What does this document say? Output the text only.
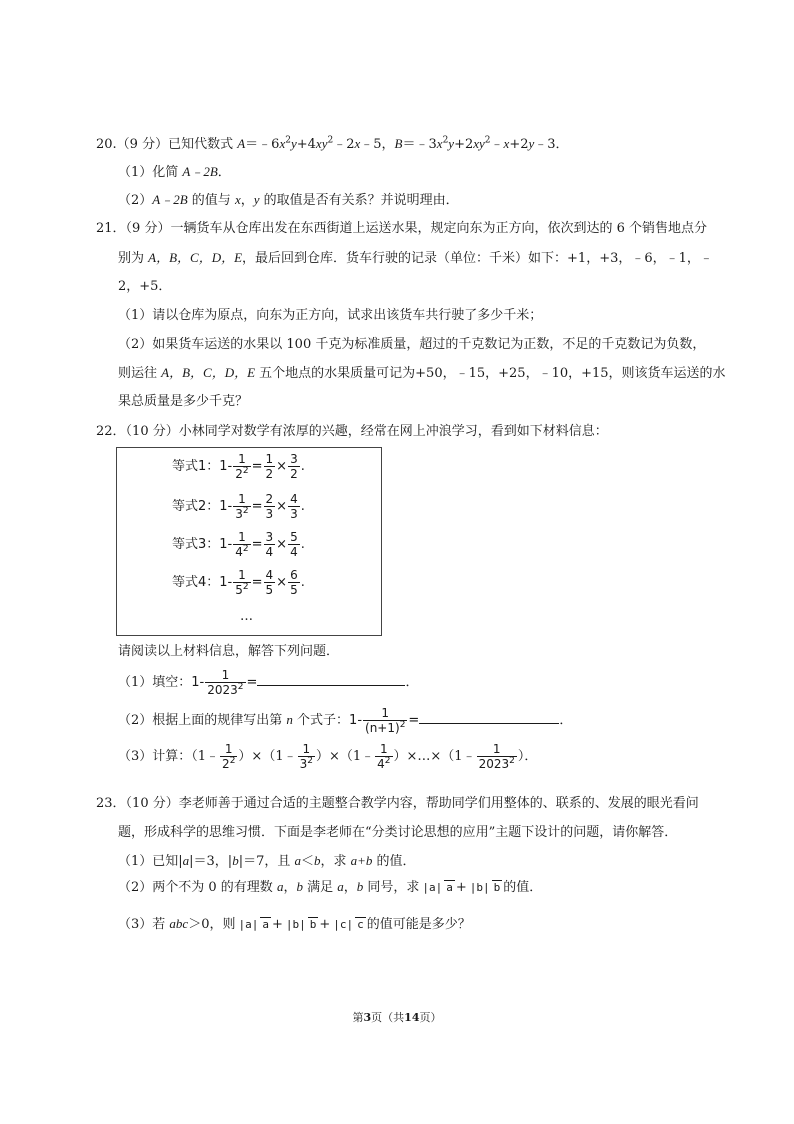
20.（9 分）已知代数式 $A=﹣6x^2y+4xy^2﹣2x﹣5$，$B=﹣3x^2y+2xy^2﹣x+2y﹣3$．
（1）化简 A﹣2B．
（2）A﹣2B 的值与 x，y 的取值是否有关系？并说明理由．
21．（9 分）一辆货车从仓库出发在东西街道上运送水果，规定向东为正方向，依次到达的 6 个销售地点分
别为 A，B，C，D，E，最后回到仓库．货车行驶的记录（单位：千米）如下：+1，+3，﹣6，﹣1，﹣
2，+5．
（1）请以仓库为原点，向东为正方向，试求出该货车共行驶了多少千米；
（2）如果货车运送的水果以 100 千克为标准质量，超过的千克数记为正数，不足的千克数记为负数，
则运往 A，B，C，D，E 五个地点的水果质量可记为+50，﹣15，+25，﹣10，+15，则该货车运送的水
果总质量是多少千克？
22．（10 分）小林同学对数学有浓厚的兴趣，经常在网上冲浪学习，看到如下材料信息：
等式1：$1- \frac{1}{2^2} = \frac{1}{2} \times \frac{3}{2}$ .
等式2：$1- \frac{1}{3^2} = \frac{2}{3} \times \frac{4}{3}$ .
等式3：$1- \frac{1}{4^2} = \frac{3}{4} \times \frac{5}{4}$ .
等式4：$1- \frac{1}{5^2} = \frac{4}{5} \times \frac{6}{5}$ .
…
请阅读以上材料信息，解答下列问题．
（1）填空：$1- \frac{1}{2023^2}$ =	．
（2）根据上面的规律写出第 n 个式子：$1- \frac{1}{(n+1)^2}$ =	．
（3）计算：（1﹣ $\frac{1}{2^2}$ ）×（1﹣ $\frac{1}{3^2}$ ）×（1﹣ $\frac{1}{4^2}$ ）×…×（1﹣ $\frac{1}{2023^2}$ ）．
23．（10 分）李老师善于通过合适的主题整合教学内容，帮助同学们用整体的、联系的、发展的眼光看问
题，形成科学的思维习惯．下面是李老师在“分类讨论思想的应用”主题下设计的问题，请你解答．
（1）已知|a|＝3，|b|＝7，且 a＜b，求 a+b 的值．
（2）两个不为 0 的有理数 a，b 满足 a，b 同号，求 |a| a + |b| b 的值．
（3）若 abc＞0，则 |a| a + |b| b + |c| c 的值可能是多少？
第3页（共14页）
